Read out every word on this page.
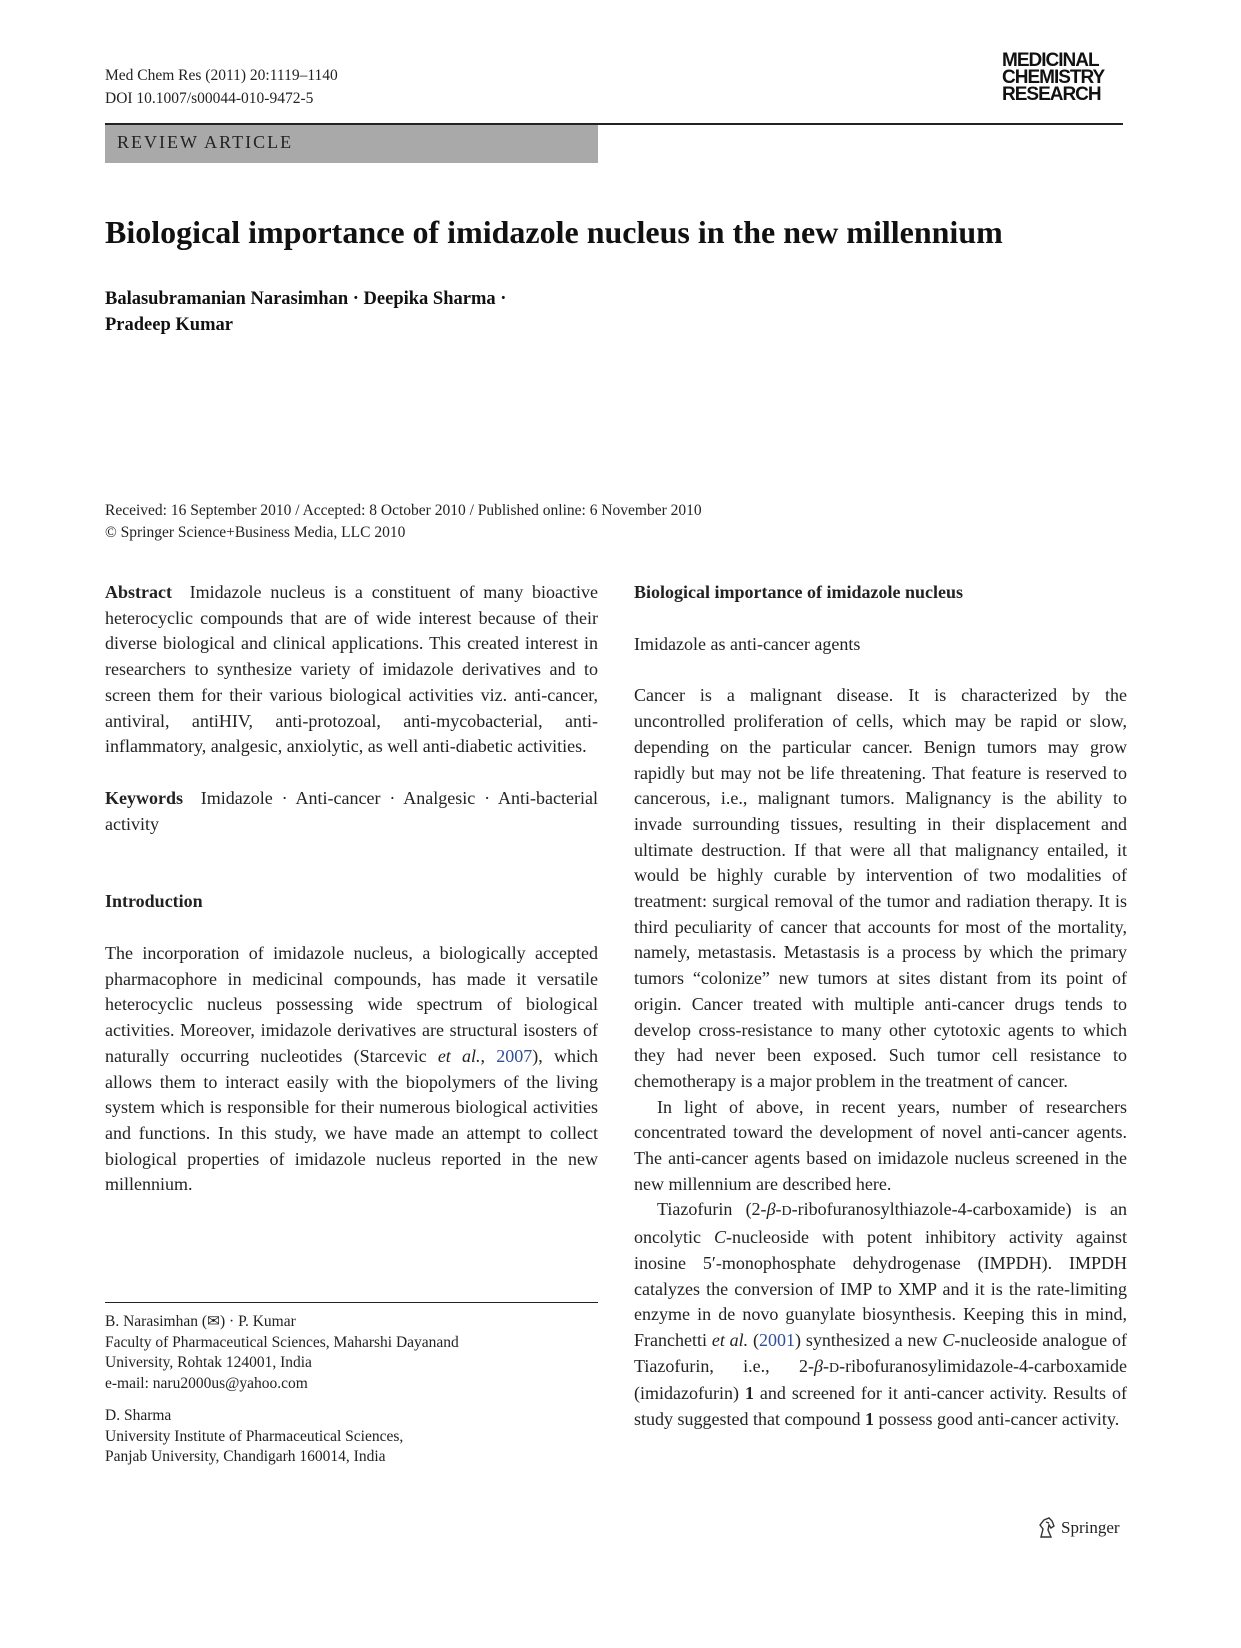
Med Chem Res (2011) 20:1119–1140
DOI 10.1007/s00044-010-9472-5
MEDICINAL
CHEMISTRY
RESEARCH
REVIEW ARTICLE
Biological importance of imidazole nucleus in the new millennium
Balasubramanian Narasimhan · Deepika Sharma ·
Pradeep Kumar
Received: 16 September 2010 / Accepted: 8 October 2010 / Published online: 6 November 2010
© Springer Science+Business Media, LLC 2010

Abstract Imidazole nucleus is a constituent of many bioactive heterocyclic compounds that are of wide interest because of their diverse biological and clinical applications. This created interest in researchers to synthesize variety of imidazole derivatives and to screen them for their various biological activities viz. anti-cancer, antiviral, antiHIV, anti-protozoal, anti-mycobacterial, anti-inflammatory, analgesic, anxiolytic, as well anti-diabetic activities.

Keywords Imidazole · Anti-cancer · Analgesic · Anti-bacterial activity

Introduction

The incorporation of imidazole nucleus, a biologically accepted pharmacophore in medicinal compounds, has made it versatile heterocyclic nucleus possessing wide spectrum of biological activities. Moreover, imidazole derivatives are structural isosters of naturally occurring nucleotides (Starcevic et al., 2007), which allows them to interact easily with the biopolymers of the living system which is responsible for their numerous biological activities and functions. In this study, we have made an attempt to collect biological properties of imidazole nucleus reported in the new millennium.

B. Narasimhan (✉) · P. Kumar

Faculty of Pharmaceutical Sciences, Maharshi Dayanand

University, Rohtak 124001, India

e-mail: naru2000us@yahoo.com

D. Sharma

University Institute of Pharmaceutical Sciences,

Panjab University, Chandigarh 160014, India

Biological importance of imidazole nucleus

Imidazole as anti-cancer agents

Cancer is a malignant disease. It is characterized by the uncontrolled proliferation of cells, which may be rapid or slow, depending on the particular cancer. Benign tumors may grow rapidly but may not be life threatening. That feature is reserved to cancerous, i.e., malignant tumors. Malignancy is the ability to invade surrounding tissues, resulting in their displacement and ultimate destruction. If that were all that malignancy entailed, it would be highly curable by intervention of two modalities of treatment: surgical removal of the tumor and radiation therapy. It is third peculiarity of cancer that accounts for most of the mortality, namely, metastasis. Metastasis is a process by which the primary tumors “colonize” new tumors at sites distant from its point of origin. Cancer treated with multiple anti-cancer drugs tends to develop cross-resistance to many other cytotoxic agents to which they had never been exposed. Such tumor cell resistance to chemotherapy is a major problem in the treatment of cancer.

In light of above, in recent years, number of researchers concentrated toward the development of novel anti-cancer agents. The anti-cancer agents based on imidazole nucleus screened in the new millennium are described here.

Tiazofurin (2-β-D-ribofuranosylthiazole-4-carboxamide) is an oncolytic C-nucleoside with potent inhibitory activity against inosine 5′-monophosphate dehydrogenase (IMPDH). IMPDH catalyzes the conversion of IMP to XMP and it is the rate-limiting enzyme in de novo guanylate biosynthesis. Keeping this in mind, Franchetti et al. (2001) synthesized a new C-nucleoside analogue of Tiazofurin, i.e., 2-β-D-ribofuranosylimidazole-4-carboxamide (imidazofurin) 1 and screened for it anti-cancer activity. Results of study suggested that compound 1 possess good anti-cancer activity.

Springer
